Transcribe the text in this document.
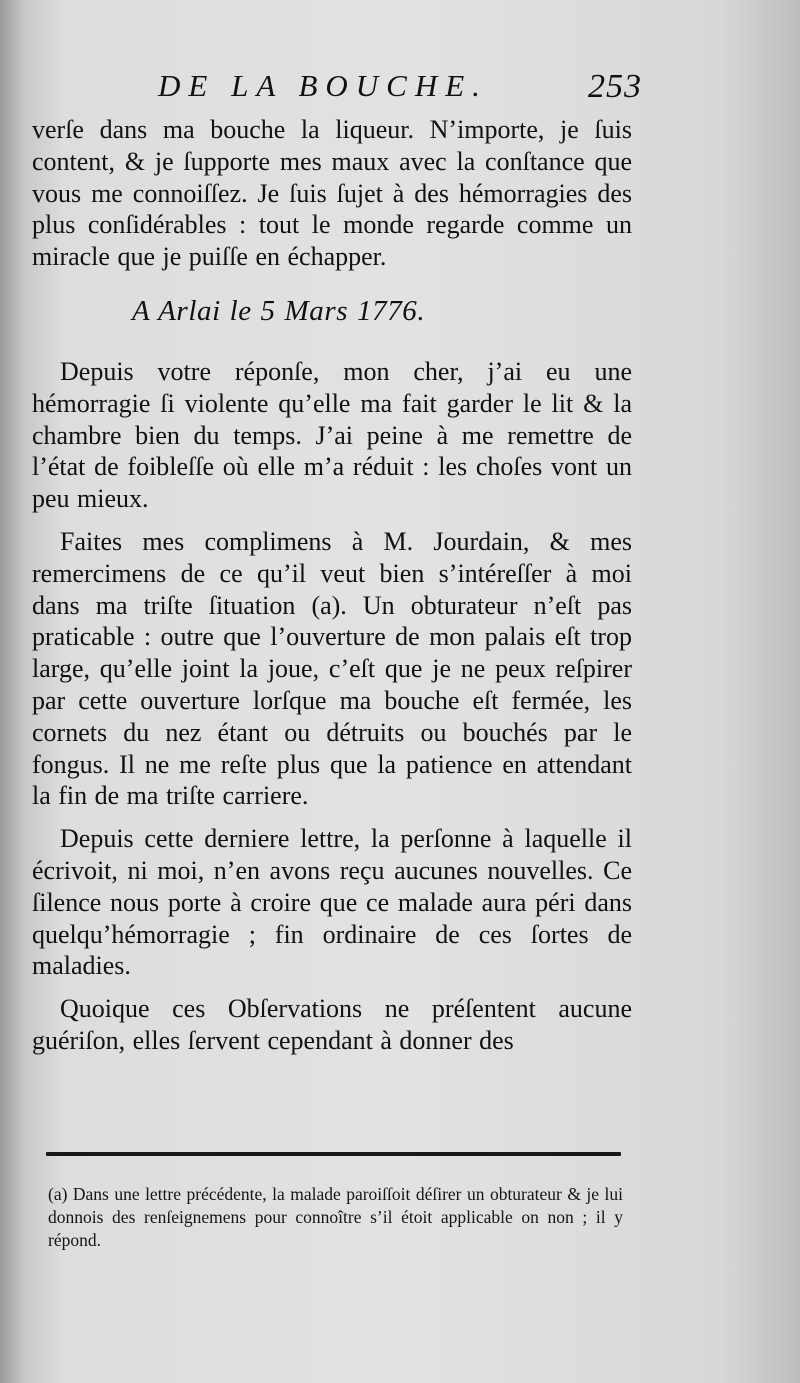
DE LA BOUCHE.	253

verſe dans ma bouche la liqueur. N’importe, je ſuis content, & je ſupporte mes maux avec la conſtance que vous me connoiſſez. Je ſuis ſujet à des hémorragies des plus conſidérables : tout le monde regarde comme un miracle que je puiſſe en échapper.

A Arlai le 5 Mars 1776.

Depuis votre réponſe, mon cher, j’ai eu une hémorragie ſi violente qu’elle ma fait garder le lit & la chambre bien du temps. J’ai peine à me remettre de l’état de foibleſſe où elle m’a réduit : les choſes vont un peu mieux.

Faites mes complimens à M. Jourdain, & mes remercimens de ce qu’il veut bien s’intéreſſer à moi dans ma triſte ſituation (a). Un obturateur n’eſt pas praticable : outre que l’ouverture de mon palais eſt trop large, qu’elle joint la joue, c’eſt que je ne peux reſpirer par cette ouverture lorſque ma bouche eſt fermée, les cornets du nez étant ou détruits ou bouchés par le fongus. Il ne me reſte plus que la patience en attendant la fin de ma triſte carriere.

Depuis cette derniere lettre, la perſonne à laquelle il écrivoit, ni moi, n’en avons reçu aucunes nouvelles. Ce ſilence nous porte à croire que ce malade aura péri dans quelqu’hémorragie ; fin ordinaire de ces ſortes de maladies.

Quoique ces Obſervations ne préſentent aucune guériſon, elles ſervent cependant à donner des

(a) Dans une lettre précédente, la malade paroiſſoit déſirer un obturateur & je lui donnois des renſeignemens pour connoître s’il étoit applicable on non ; il y répond.
